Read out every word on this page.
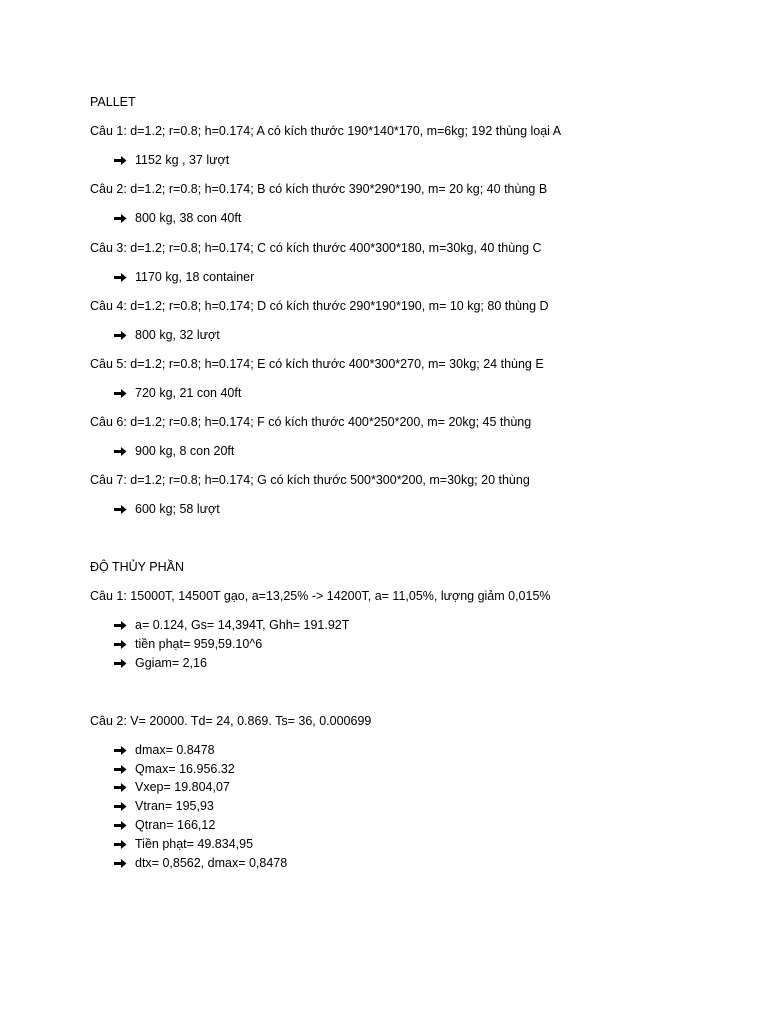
PALLET
Câu 1: d=1.2; r=0.8; h=0.174; A có kích thước 190*140*170, m=6kg; 192 thùng loại A
1152 kg , 37 lượt
Câu 2: d=1.2; r=0.8; h=0.174; B có kích thước 390*290*190, m= 20 kg; 40 thùng B
800 kg, 38 con 40ft
Câu 3: d=1.2; r=0.8; h=0.174; C có kích thước 400*300*180, m=30kg, 40 thùng C
1170 kg, 18 container
Câu 4: d=1.2; r=0.8; h=0.174; D có kích thước 290*190*190, m= 10 kg; 80 thùng D
800 kg, 32 lượt
Câu 5: d=1.2; r=0.8; h=0.174; E có kích thước 400*300*270, m= 30kg; 24 thùng E
720 kg, 21 con 40ft
Câu 6: d=1.2; r=0.8; h=0.174; F có kích thước 400*250*200, m= 20kg; 45 thùng
900 kg, 8 con 20ft
Câu 7: d=1.2; r=0.8; h=0.174; G có kích thước 500*300*200, m=30kg; 20 thùng
600 kg; 58 lượt
ĐỘ THỦY PHẦN
Câu 1: 15000T, 14500T gạo, a=13,25% -> 14200T, a= 11,05%, lượng giảm 0,015%
a= 0.124, Gs= 14,394T, Ghh= 191.92T
tiền phạt= 959,59.10^6
Ggiam= 2,16
Câu 2: V= 20000. Td= 24, 0.869. Ts= 36, 0.000699
dmax= 0.8478
Qmax= 16.956.32
Vxep= 19.804,07
Vtran= 195,93
Qtran= 166,12
Tiền phạt= 49.834,95
dtx= 0,8562, dmax= 0,8478
